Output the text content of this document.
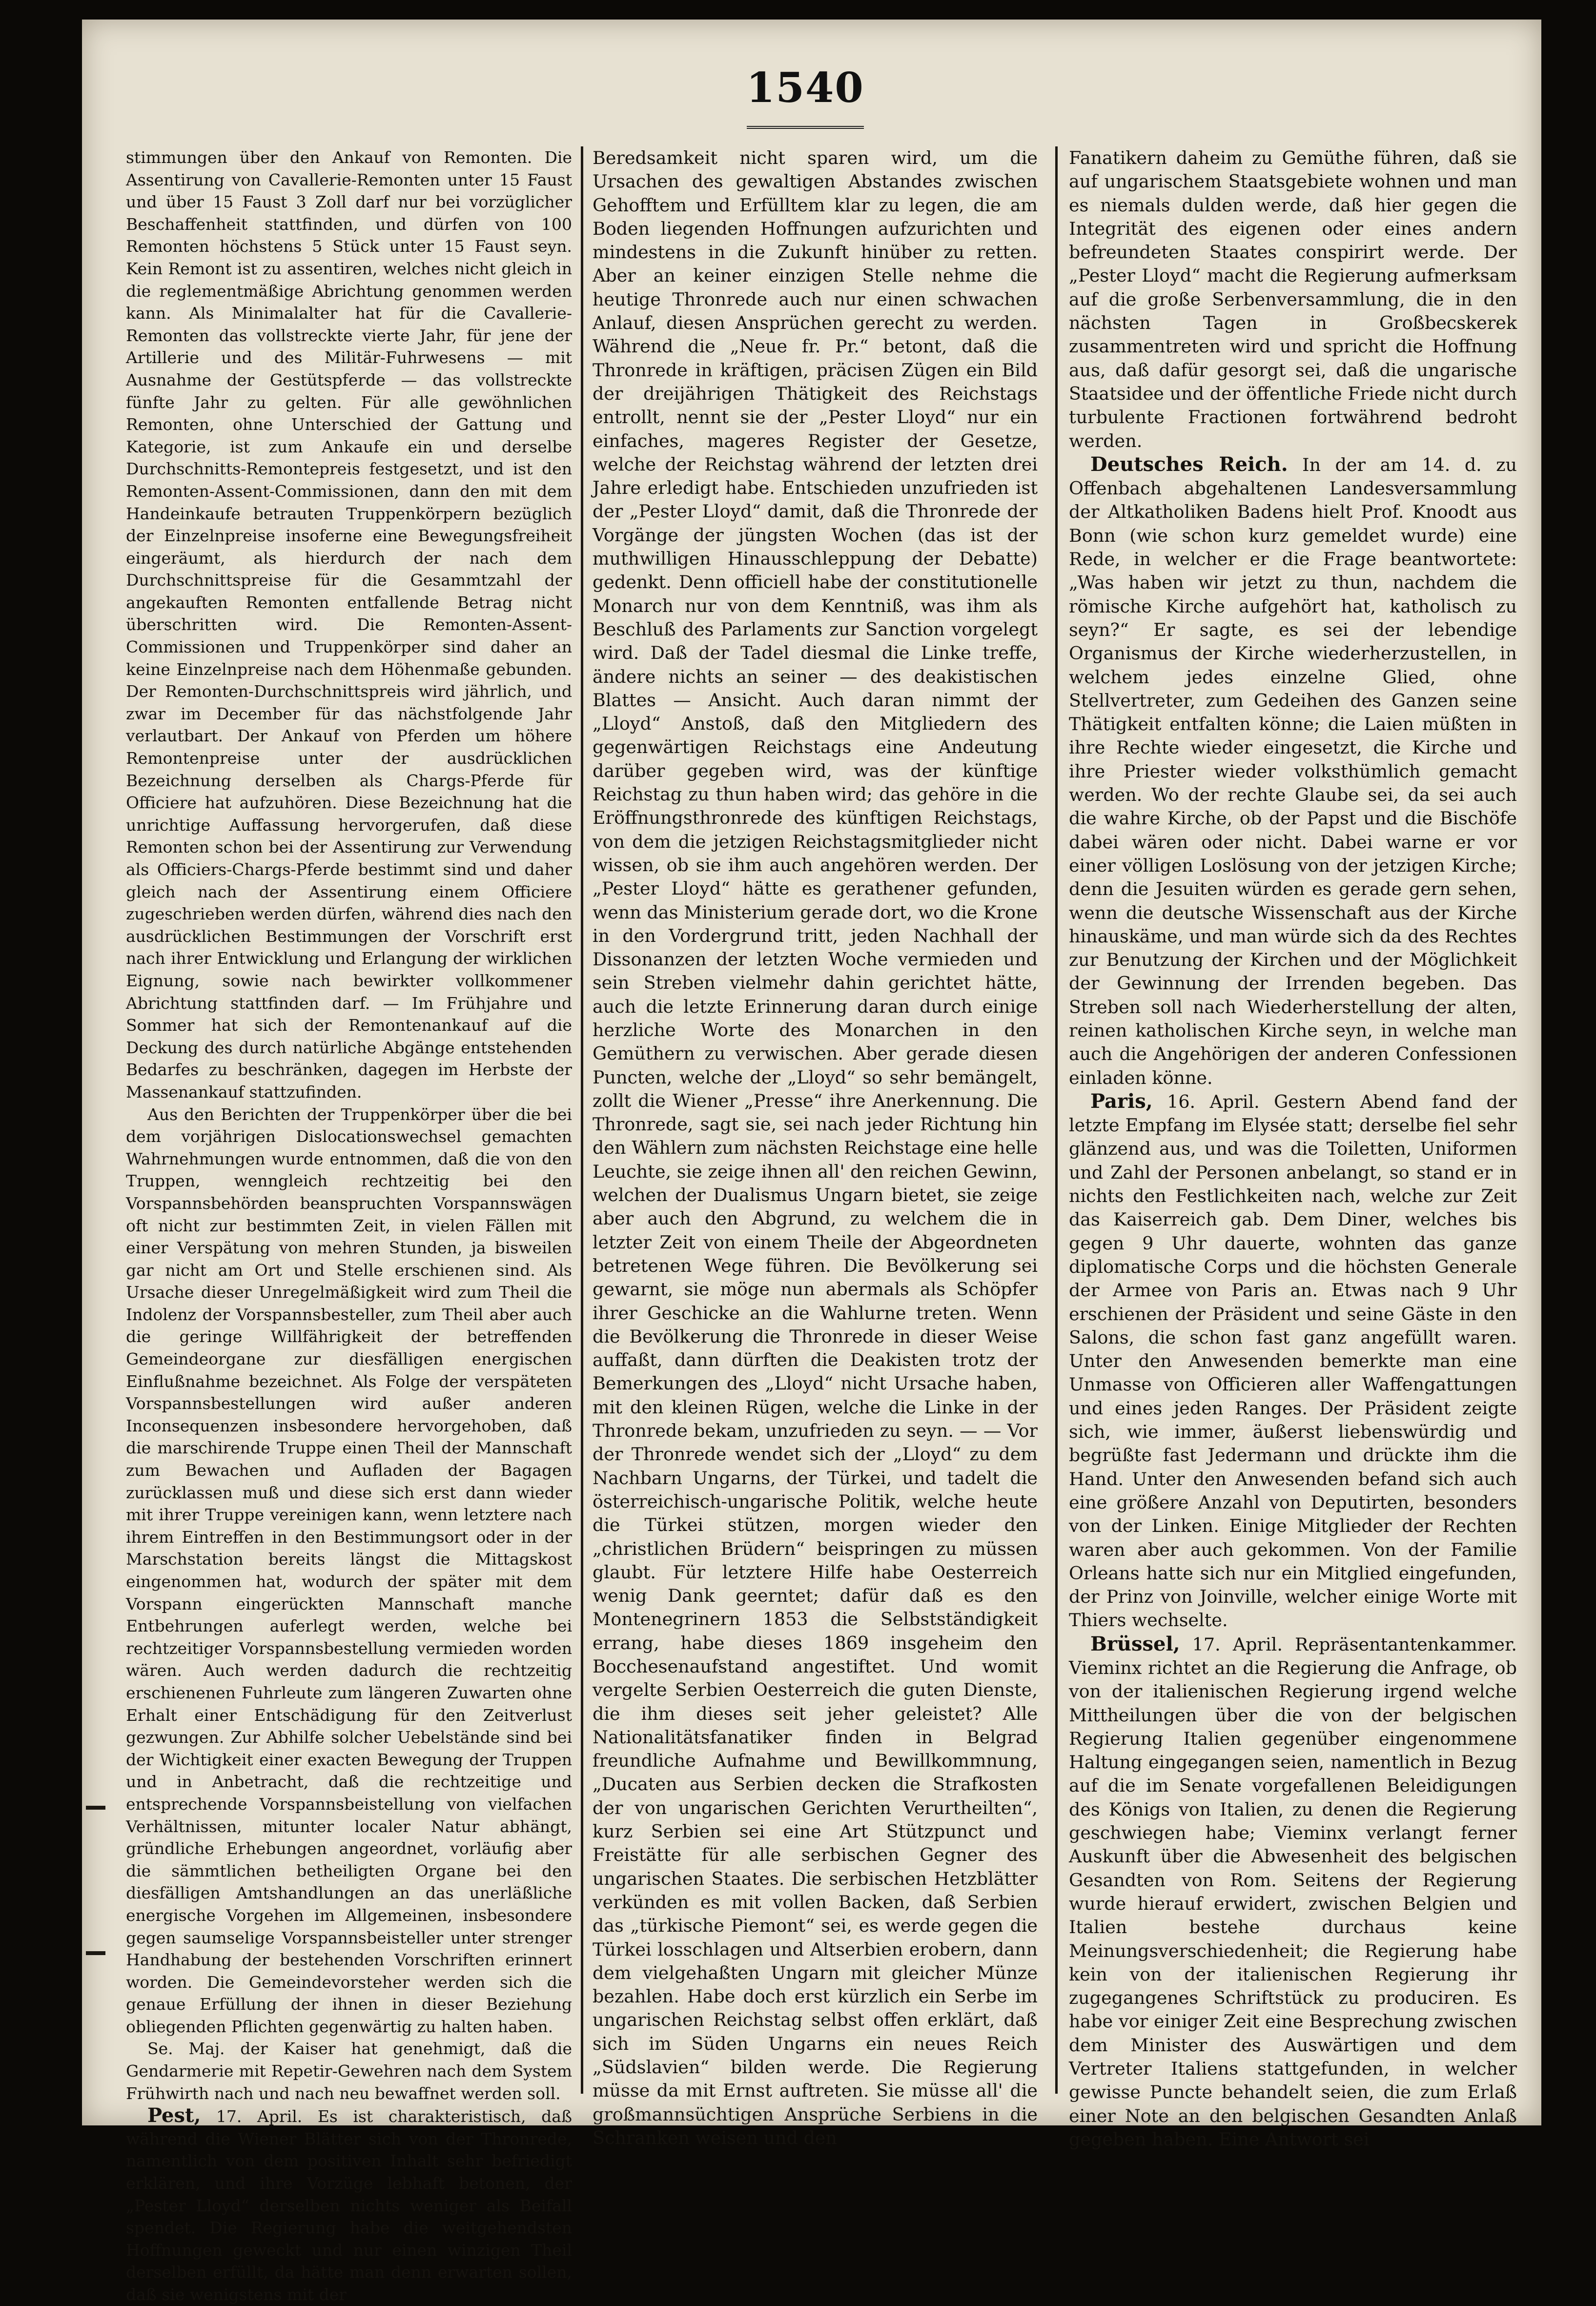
1540

stimmungen über den Ankauf von Remonten. Die Assentirung von Cavallerie-Remonten unter 15 Faust und über 15 Faust 3 Zoll darf nur bei vorzüglicher Beschaffenheit stattfinden, und dürfen von 100 Remonten höchstens 5 Stück unter 15 Faust seyn. Kein Remont ist zu assentiren, welches nicht gleich in die reglementmäßige Abrichtung genommen werden kann. Als Minimalalter hat für die Cavallerie-Remonten das vollstreckte vierte Jahr, für jene der Artillerie und des Militär-Fuhrwesens — mit Ausnahme der Gestütspferde — das vollstreckte fünfte Jahr zu gelten. Für alle gewöhnlichen Remonten, ohne Unterschied der Gattung und Kategorie, ist zum Ankaufe ein und derselbe Durchschnitts-Remontepreis festgesetzt, und ist den Remonten-Assent-Commissionen, dann den mit dem Handeinkaufe betrauten Truppenkörpern bezüglich der Einzelnpreise insoferne eine Bewegungsfreiheit eingeräumt, als hierdurch der nach dem Durchschnittspreise für die Gesammtzahl der angekauften Remonten entfallende Betrag nicht überschritten wird. Die Remonten-Assent-Commissionen und Truppenkörper sind daher an keine Einzelnpreise nach dem Höhenmaße gebunden. Der Remonten-Durchschnittspreis wird jährlich, und zwar im December für das nächstfolgende Jahr verlautbart. Der Ankauf von Pferden um höhere Remontenpreise unter der ausdrücklichen Bezeichnung derselben als Chargs-Pferde für Officiere hat aufzuhören. Diese Bezeichnung hat die unrichtige Auffassung hervorgerufen, daß diese Remonten schon bei der Assentirung zur Verwendung als Officiers-Chargs-Pferde bestimmt sind und daher gleich nach der Assentirung einem Officiere zugeschrieben werden dürfen, während dies nach den ausdrücklichen Bestimmungen der Vorschrift erst nach ihrer Entwicklung und Erlangung der wirklichen Eignung, sowie nach bewirkter vollkommener Abrichtung stattfinden darf. — Im Frühjahre und Sommer hat sich der Remontenankauf auf die Deckung des durch natürliche Abgänge entstehenden Bedarfes zu beschränken, dagegen im Herbste der Massenankauf stattzufinden.

Aus den Berichten der Truppenkörper über die bei dem vorjährigen Dislocationswechsel gemachten Wahrnehmungen wurde entnommen, daß die von den Truppen, wenngleich rechtzeitig bei den Vorspannsbehörden beanspruchten Vorspannswägen oft nicht zur bestimmten Zeit, in vielen Fällen mit einer Verspätung von mehren Stunden, ja bisweilen gar nicht am Ort und Stelle erschienen sind. Als Ursache dieser Unregelmäßigkeit wird zum Theil die Indolenz der Vorspannsbesteller, zum Theil aber auch die geringe Willfährigkeit der betreffenden Gemeindeorgane zur diesfälligen energischen Einflußnahme bezeichnet. Als Folge der verspäteten Vorspannsbestellungen wird außer anderen Inconsequenzen insbesondere hervorgehoben, daß die marschirende Truppe einen Theil der Mannschaft zum Bewachen und Aufladen der Bagagen zurücklassen muß und diese sich erst dann wieder mit ihrer Truppe vereinigen kann, wenn letztere nach ihrem Eintreffen in den Bestimmungsort oder in der Marschstation bereits längst die Mittagskost eingenommen hat, wodurch der später mit dem Vorspann eingerückten Mannschaft manche Entbehrungen auferlegt werden, welche bei rechtzeitiger Vorspannsbestellung vermieden worden wären. Auch werden dadurch die rechtzeitig erschienenen Fuhrleute zum längeren Zuwarten ohne Erhalt einer Entschädigung für den Zeitverlust gezwungen. Zur Abhilfe solcher Uebelstände sind bei der Wichtigkeit einer exacten Bewegung der Truppen und in Anbetracht, daß die rechtzeitige und entsprechende Vorspannsbeistellung von vielfachen Verhältnissen, mitunter localer Natur abhängt, gründliche Erhebungen angeordnet, vorläufig aber die sämmtlichen betheiligten Organe bei den diesfälligen Amtshandlungen an das unerläßliche energische Vorgehen im Allgemeinen, insbesondere gegen saumselige Vorspannsbeisteller unter strenger Handhabung der bestehenden Vorschriften erinnert worden. Die Gemeindevorsteher werden sich die genaue Erfüllung der ihnen in dieser Beziehung obliegenden Pflichten gegenwärtig zu halten haben.

Se. Maj. der Kaiser hat genehmigt, daß die Gendarmerie mit Repetir-Gewehren nach dem System Frühwirth nach und nach neu bewaffnet werden soll.

Pest, 17. April. Es ist charakteristisch, daß während die Wiener Blätter sich von der Thronrede, namentlich von dem positiven Inhalt sehr befriedigt erklären, und ihre Vorzüge lebhaft betonen, der „Pester Lloyd“ derselben nichts weniger als Beifall spendet. Die Regierung habe die weitgehendsten Hoffnungen geweckt und nur einen winzigen Theil derselben erfüllt, da hätte man denn erwarten sollen, daß sie wenigstens mit der

Beredsamkeit nicht sparen wird, um die Ursachen des gewaltigen Abstandes zwischen Gehofftem und Erfülltem klar zu legen, die am Boden liegenden Hoffnungen aufzurichten und mindestens in die Zukunft hinüber zu retten. Aber an keiner einzigen Stelle nehme die heutige Thronrede auch nur einen schwachen Anlauf, diesen Ansprüchen gerecht zu werden. Während die „Neue fr. Pr.“ betont, daß die Thronrede in kräftigen, präcisen Zügen ein Bild der dreijährigen Thätigkeit des Reichstags entrollt, nennt sie der „Pester Lloyd“ nur ein einfaches, mageres Register der Gesetze, welche der Reichstag während der letzten drei Jahre erledigt habe. Entschieden unzufrieden ist der „Pester Lloyd“ damit, daß die Thronrede der Vorgänge der jüngsten Wochen (das ist der muthwilligen Hinausschleppung der Debatte) gedenkt. Denn officiell habe der constitutionelle Monarch nur von dem Kenntniß, was ihm als Beschluß des Parlaments zur Sanction vorgelegt wird. Daß der Tadel diesmal die Linke treffe, ändere nichts an seiner — des deakistischen Blattes — Ansicht. Auch daran nimmt der „Lloyd“ Anstoß, daß den Mitgliedern des gegenwärtigen Reichstags eine Andeutung darüber gegeben wird, was der künftige Reichstag zu thun haben wird; das gehöre in die Eröffnungsthronrede des künftigen Reichstags, von dem die jetzigen Reichstagsmitglieder nicht wissen, ob sie ihm auch angehören werden. Der „Pester Lloyd“ hätte es gerathener gefunden, wenn das Ministerium gerade dort, wo die Krone in den Vordergrund tritt, jeden Nachhall der Dissonanzen der letzten Woche vermieden und sein Streben vielmehr dahin gerichtet hätte, auch die letzte Erinnerung daran durch einige herzliche Worte des Monarchen in den Gemüthern zu verwischen. Aber gerade diesen Puncten, welche der „Lloyd“ so sehr bemängelt, zollt die Wiener „Presse“ ihre Anerkennung. Die Thronrede, sagt sie, sei nach jeder Richtung hin den Wählern zum nächsten Reichstage eine helle Leuchte, sie zeige ihnen all' den reichen Gewinn, welchen der Dualismus Ungarn bietet, sie zeige aber auch den Abgrund, zu welchem die in letzter Zeit von einem Theile der Abgeordneten betretenen Wege führen. Die Bevölkerung sei gewarnt, sie möge nun abermals als Schöpfer ihrer Geschicke an die Wahlurne treten. Wenn die Bevölkerung die Thronrede in dieser Weise auffaßt, dann dürften die Deakisten trotz der Bemerkungen des „Lloyd“ nicht Ursache haben, mit den kleinen Rügen, welche die Linke in der Thronrede bekam, unzufrieden zu seyn. — — Vor der Thronrede wendet sich der „Lloyd“ zu dem Nachbarn Ungarns, der Türkei, und tadelt die österreichisch-ungarische Politik, welche heute die Türkei stützen, morgen wieder den „christlichen Brüdern“ beispringen zu müssen glaubt. Für letztere Hilfe habe Oesterreich wenig Dank geerntet; dafür daß es den Montenegrinern 1853 die Selbstständigkeit errang, habe dieses 1869 insgeheim den Bocchesenaufstand angestiftet. Und womit vergelte Serbien Oesterreich die guten Dienste, die ihm dieses seit jeher geleistet? Alle Nationalitätsfanatiker finden in Belgrad freundliche Aufnahme und Bewillkommnung, „Ducaten aus Serbien decken die Strafkosten der von ungarischen Gerichten Verurtheilten“, kurz Serbien sei eine Art Stützpunct und Freistätte für alle serbischen Gegner des ungarischen Staates. Die serbischen Hetzblätter verkünden es mit vollen Backen, daß Serbien das „türkische Piemont“ sei, es werde gegen die Türkei losschlagen und Altserbien erobern, dann dem vielgehaßten Ungarn mit gleicher Münze bezahlen. Habe doch erst kürzlich ein Serbe im ungarischen Reichstag selbst offen erklärt, daß sich im Süden Ungarns ein neues Reich „Südslavien“ bilden werde. Die Regierung müsse da mit Ernst auftreten. Sie müsse all' die großmannsüchtigen Ansprüche Serbiens in die Schranken weisen und den

Fanatikern daheim zu Gemüthe führen, daß sie auf ungarischem Staatsgebiete wohnen und man es niemals dulden werde, daß hier gegen die Integrität des eigenen oder eines andern befreundeten Staates conspirirt werde. Der „Pester Lloyd“ macht die Regierung aufmerksam auf die große Serbenversammlung, die in den nächsten Tagen in Großbecskerek zusammentreten wird und spricht die Hoffnung aus, daß dafür gesorgt sei, daß die ungarische Staatsidee und der öffentliche Friede nicht durch turbulente Fractionen fortwährend bedroht werden.

Deutsches Reich. In der am 14. d. zu Offenbach abgehaltenen Landesversammlung der Altkatholiken Badens hielt Prof. Knoodt aus Bonn (wie schon kurz gemeldet wurde) eine Rede, in welcher er die Frage beantwortete: „Was haben wir jetzt zu thun, nachdem die römische Kirche aufgehört hat, katholisch zu seyn?“ Er sagte, es sei der lebendige Organismus der Kirche wiederherzustellen, in welchem jedes einzelne Glied, ohne Stellvertreter, zum Gedeihen des Ganzen seine Thätigkeit entfalten könne; die Laien müßten in ihre Rechte wieder eingesetzt, die Kirche und ihre Priester wieder volksthümlich gemacht werden. Wo der rechte Glaube sei, da sei auch die wahre Kirche, ob der Papst und die Bischöfe dabei wären oder nicht. Dabei warne er vor einer völligen Loslösung von der jetzigen Kirche; denn die Jesuiten würden es gerade gern sehen, wenn die deutsche Wissenschaft aus der Kirche hinauskäme, und man würde sich da des Rechtes zur Benutzung der Kirchen und der Möglichkeit der Gewinnung der Irrenden begeben. Das Streben soll nach Wiederherstellung der alten, reinen katholischen Kirche seyn, in welche man auch die Angehörigen der anderen Confessionen einladen könne.

Paris, 16. April. Gestern Abend fand der letzte Empfang im Elysée statt; derselbe fiel sehr glänzend aus, und was die Toiletten, Uniformen und Zahl der Personen anbelangt, so stand er in nichts den Festlichkeiten nach, welche zur Zeit das Kaiserreich gab. Dem Diner, welches bis gegen 9 Uhr dauerte, wohnten das ganze diplomatische Corps und die höchsten Generale der Armee von Paris an. Etwas nach 9 Uhr erschienen der Präsident und seine Gäste in den Salons, die schon fast ganz angefüllt waren. Unter den Anwesenden bemerkte man eine Unmasse von Officieren aller Waffengattungen und eines jeden Ranges. Der Präsident zeigte sich, wie immer, äußerst liebenswürdig und begrüßte fast Jedermann und drückte ihm die Hand. Unter den Anwesenden befand sich auch eine größere Anzahl von Deputirten, besonders von der Linken. Einige Mitglieder der Rechten waren aber auch gekommen. Von der Familie Orleans hatte sich nur ein Mitglied eingefunden, der Prinz von Joinville, welcher einige Worte mit Thiers wechselte.

Brüssel, 17. April. Repräsentantenkammer. Vieminx richtet an die Regierung die Anfrage, ob von der italienischen Regierung irgend welche Mittheilungen über die von der belgischen Regierung Italien gegenüber eingenommene Haltung eingegangen seien, namentlich in Bezug auf die im Senate vorgefallenen Beleidigungen des Königs von Italien, zu denen die Regierung geschwiegen habe; Vieminx verlangt ferner Auskunft über die Abwesenheit des belgischen Gesandten von Rom. Seitens der Regierung wurde hierauf erwidert, zwischen Belgien und Italien bestehe durchaus keine Meinungsverschiedenheit; die Regierung habe kein von der italienischen Regierung ihr zugegangenes Schriftstück zu produciren. Es habe vor einiger Zeit eine Besprechung zwischen dem Minister des Auswärtigen und dem Vertreter Italiens stattgefunden, in welcher gewisse Puncte behandelt seien, die zum Erlaß einer Note an den belgischen Gesandten Anlaß gegeben haben. Eine Antwort sei
